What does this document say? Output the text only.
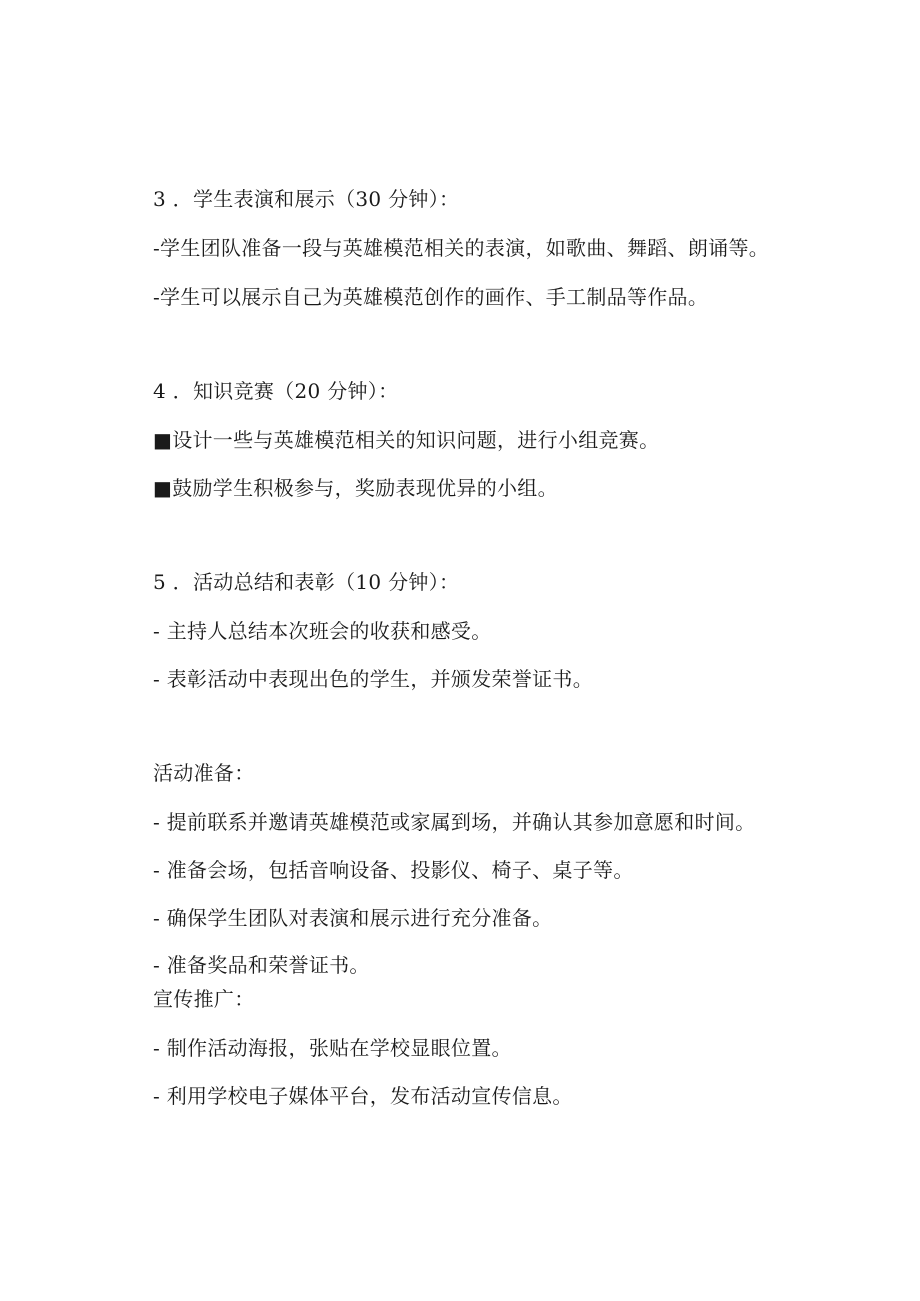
3 ．学生表演和展示（30 分钟）：
-学生团队准备一段与英雄模范相关的表演，如歌曲、舞蹈、朗诵等。
-学生可以展示自己为英雄模范创作的画作、手工制品等作品。
4 ．知识竞赛（20 分钟）：
■设计一些与英雄模范相关的知识问题，进行小组竞赛。
■鼓励学生积极参与，奖励表现优异的小组。
5 ．活动总结和表彰（10 分钟）：
- 主持人总结本次班会的收获和感受。
- 表彰活动中表现出色的学生，并颁发荣誉证书。
活动准备：
- 提前联系并邀请英雄模范或家属到场，并确认其参加意愿和时间。
- 准备会场，包括音响设备、投影仪、椅子、桌子等。
- 确保学生团队对表演和展示进行充分准备。
- 准备奖品和荣誉证书。
宣传推广：
- 制作活动海报，张贴在学校显眼位置。
- 利用学校电子媒体平台，发布活动宣传信息。
